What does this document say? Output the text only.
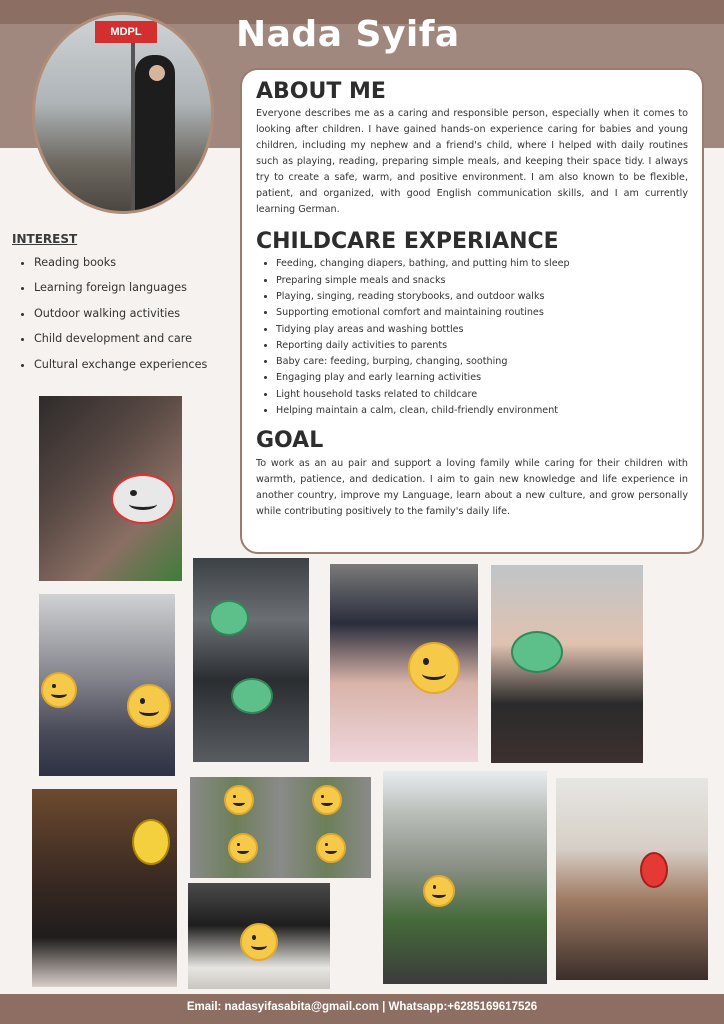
MDPL	Nada Syifa
ABOUT ME

Everyone describes me as a caring and responsible person, especially when it comes to looking after children. I have gained hands-on experience caring for babies and young children, including my nephew and a friend's child, where I helped with daily routines such as playing, reading, preparing simple meals, and keeping their space tidy. I always try to create a safe, warm, and positive environment. I am also known to be flexible, patient, and organized, with good English communication skills, and I am currently learning German.

CHILDCARE EXPERIANCE
• Feeding, changing diapers, bathing, and putting him to sleep
• Preparing simple meals and snacks
• Playing, singing, reading storybooks, and outdoor walks
• Supporting emotional comfort and maintaining routines
• Tidying play areas and washing bottles
• Reporting daily activities to parents
• Baby care: feeding, burping, changing, soothing
• Engaging play and early learning activities
• Light household tasks related to childcare
• Helping maintain a calm, clean, child-friendly environment
GOAL

To work as an au pair and support a loving family while caring for their children with warmth, patience, and dedication. I aim to gain new knowledge and life experience in another country, improve my Language, learn about a new culture, and grow personally while contributing positively to the family's daily life.

INTEREST
• Reading books
• Learning foreign languages
• Outdoor walking activities
• Child development and care
• Cultural exchange experiences
Email: nadasyifasabita@gmail.com | Whatsapp:+6285169617526
